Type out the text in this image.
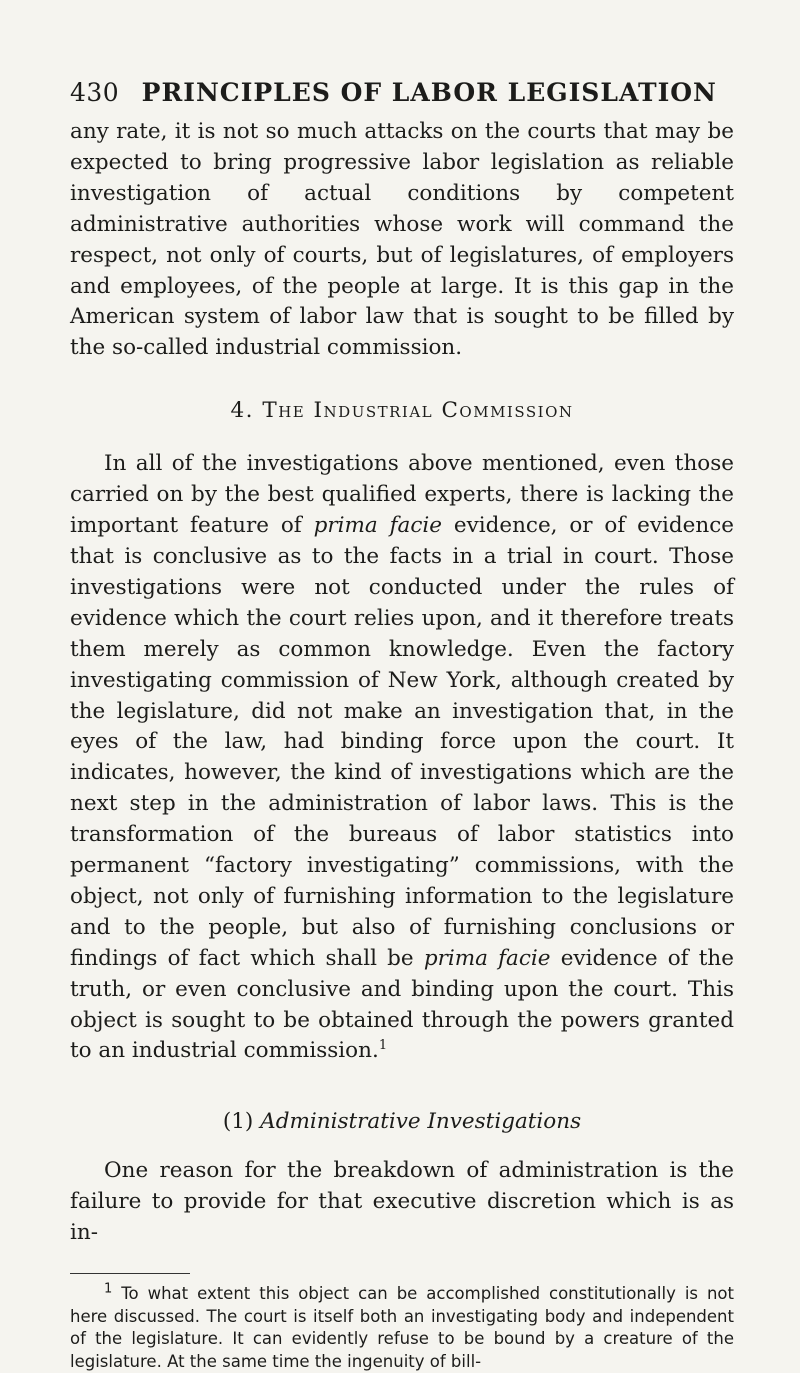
430 PRINCIPLES OF LABOR LEGISLATION

any rate, it is not so much attacks on the courts that may be expected to bring progressive labor legislation as reliable investigation of actual conditions by competent administrative authorities whose work will command the respect, not only of courts, but of legislatures, of employers and employees, of the people at large. It is this gap in the American system of labor law that is sought to be filled by the so-called industrial commission.

4. The Industrial Commission

In all of the investigations above mentioned, even those carried on by the best qualified experts, there is lacking the important feature of prima facie evidence, or of evidence that is conclusive as to the facts in a trial in court. Those investigations were not conducted under the rules of evidence which the court relies upon, and it therefore treats them merely as common knowledge. Even the factory investigating commission of New York, although created by the legislature, did not make an investigation that, in the eyes of the law, had binding force upon the court. It indicates, however, the kind of investigations which are the next step in the administration of labor laws. This is the transformation of the bureaus of labor statistics into permanent “factory investigating” commissions, with the object, not only of furnishing information to the legislature and to the people, but also of furnishing conclusions or findings of fact which shall be prima facie evidence of the truth, or even conclusive and binding upon the court. This object is sought to be obtained through the powers granted to an industrial commission.$^1$

(1) Administrative Investigations

One reason for the breakdown of administration is the failure to provide for that executive discretion which is as in-

$^1$ To what extent this object can be accomplished constitutionally is not here discussed. The court is itself both an investigating body and independent of the legislature. It can evidently refuse to be bound by a creature of the legislature. At the same time the ingenuity of bill-
